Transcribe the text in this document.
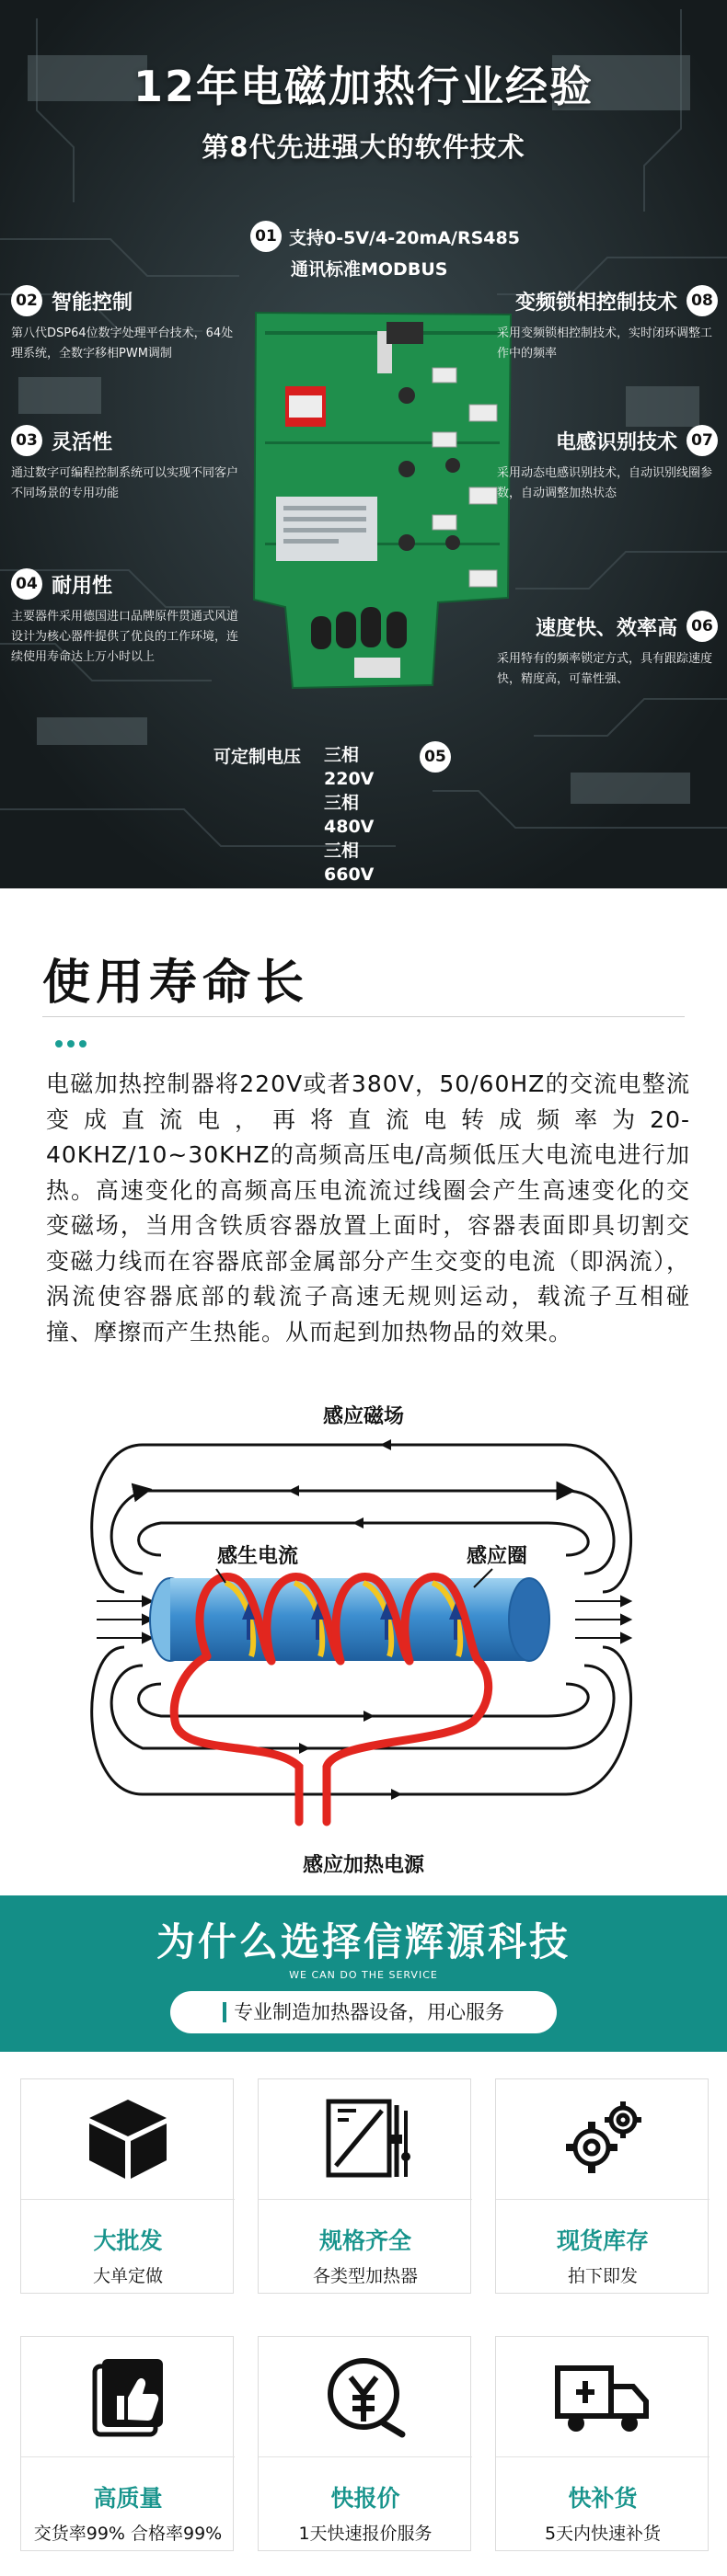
12年电磁加热行业经验
第8代先进强大的软件技术
01 支持0-5V/4-20mA/RS485
通讯标准MODBUS
02 智能控制
第八代DSP64位数字处理平台技术，64处理系统，全数字移相PWM调制
03 灵活性
通过数字可编程控制系统可以实现不同客户不同场景的专用功能
04 耐用性
主要器件采用德国进口品牌原件贯通式风道设计为核心器件提供了优良的工作环境，连续使用寿命达上万小时以上
变频锁相控制技术 08
采用变频锁相控制技术，实时闭环调整工作中的频率
电感识别技术 07
采用动态电感识别技术，自动识别线圈参数，自动调整加热状态
速度快、效率高 06
采用特有的频率锁定方式，具有跟踪速度快，精度高，可靠性强、
可定制电压 三相220V
三相480V
三相660V
05
使用寿命长
电磁加热控制器将220V或者380V，50/60HZ的交流电整流变成直流电，再将直流电转成频率为20-40KHZ/10~30KHZ的高频高压电/高频低压大电流电进行加热。高速变化的高频高压电流流过线圈会产生高速变化的交变磁场，当用含铁质容器放置上面时，容器表面即具切割交变磁力线而在容器底部金属部分产生交变的电流（即涡流），涡流使容器底部的载流子高速无规则运动，载流子互相碰撞、摩擦而产生热能。从而起到加热物品的效果。
感应磁场
感生电流	感应圈
感应加热电源
为什么选择信辉源科技
WE CAN DO THE SERVICE
专业制造加热器设备，用心服务
大批发
大单定做
规格齐全
各类型加热器
现货库存
拍下即发
高质量
交货率99% 合格率99%
快报价
1天快速报价服务
快补货
5天内快速补货
